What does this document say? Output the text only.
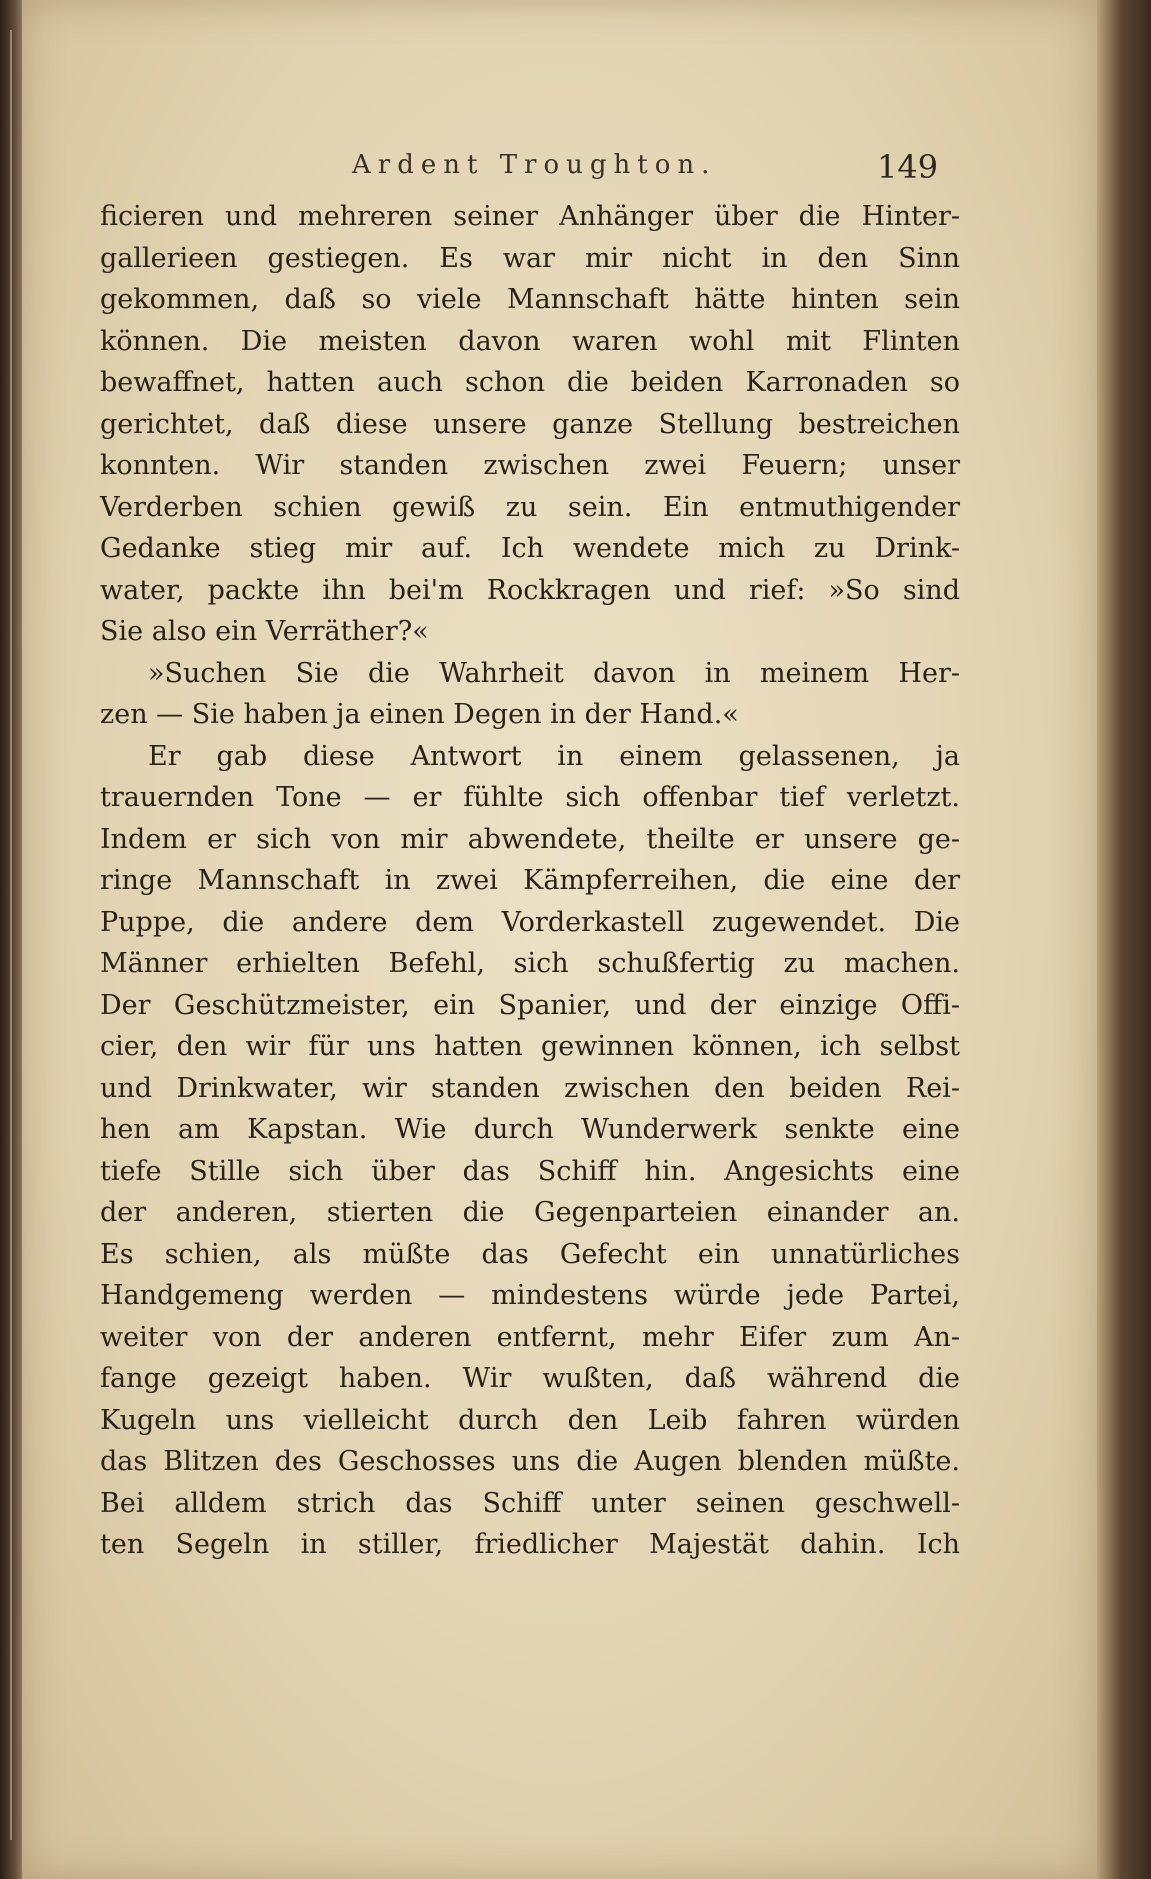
Ardent Troughton.	149
ficieren und mehreren seiner Anhänger über die Hinter-
gallerieen gestiegen. Es war mir nicht in den Sinn
gekommen, daß so viele Mannschaft hätte hinten sein
können. Die meisten davon waren wohl mit Flinten
bewaffnet, hatten auch schon die beiden Karronaden so
gerichtet, daß diese unsere ganze Stellung bestreichen
konnten. Wir standen zwischen zwei Feuern; unser
Verderben schien gewiß zu sein. Ein entmuthigender
Gedanke stieg mir auf. Ich wendete mich zu Drink-
water, packte ihn bei'm Rockkragen und rief: »So sind
Sie also ein Verräther?«
»Suchen Sie die Wahrheit davon in meinem Her-
zen — Sie haben ja einen Degen in der Hand.«
Er gab diese Antwort in einem gelassenen, ja
trauernden Tone — er fühlte sich offenbar tief verletzt.
Indem er sich von mir abwendete, theilte er unsere ge-
ringe Mannschaft in zwei Kämpferreihen, die eine der
Puppe, die andere dem Vorderkastell zugewendet. Die
Männer erhielten Befehl, sich schußfertig zu machen.
Der Geschützmeister, ein Spanier, und der einzige Offi-
cier, den wir für uns hatten gewinnen können, ich selbst
und Drinkwater, wir standen zwischen den beiden Rei-
hen am Kapstan. Wie durch Wunderwerk senkte eine
tiefe Stille sich über das Schiff hin. Angesichts eine
der anderen, stierten die Gegenparteien einander an.
Es schien, als müßte das Gefecht ein unnatürliches
Handgemeng werden — mindestens würde jede Partei,
weiter von der anderen entfernt, mehr Eifer zum An-
fange gezeigt haben. Wir wußten, daß während die
Kugeln uns vielleicht durch den Leib fahren würden
das Blitzen des Geschosses uns die Augen blenden müßte.
Bei alldem strich das Schiff unter seinen geschwell-
ten Segeln in stiller, friedlicher Majestät dahin. Ich
